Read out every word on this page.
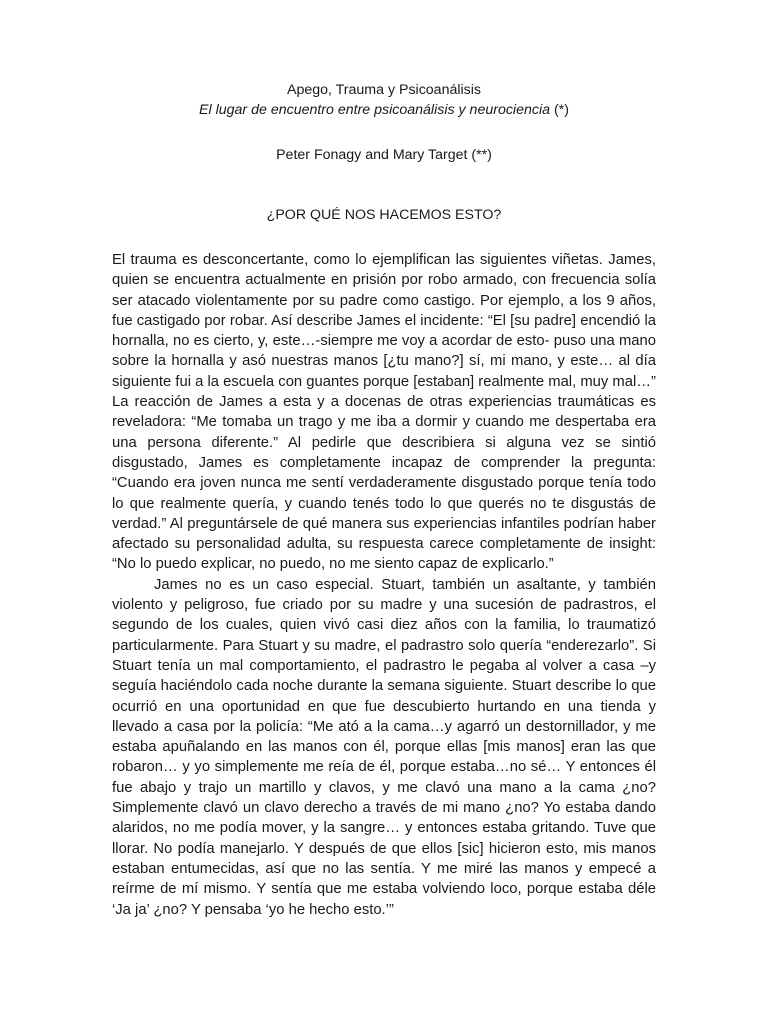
Apego, Trauma y Psicoanálisis

El lugar de encuentro entre psicoanálisis y neurociencia (*)

Peter Fonagy and Mary Target (**)

¿POR QUÉ NOS HACEMOS ESTO?

El trauma es desconcertante, como lo ejemplifican las siguientes viñetas. James, quien se encuentra actualmente en prisión por robo armado, con frecuencia solía ser atacado violentamente por su padre como castigo. Por ejemplo, a los 9 años, fue castigado por robar. Así describe James el incidente: “El [su padre] encendió la hornalla, no es cierto, y, este…-siempre me voy a acordar de esto- puso una mano sobre la hornalla y asó nuestras manos [¿tu mano?] sí, mi mano, y este… al día siguiente fui a la escuela con guantes porque [estaban] realmente mal, muy mal…” La reacción de James a esta y a docenas de otras experiencias traumáticas es reveladora: “Me tomaba un trago y me iba a dormir y cuando me despertaba era una persona diferente.” Al pedirle que describiera si alguna vez se sintió disgustado, James es completamente incapaz de comprender la pregunta: “Cuando era joven nunca me sentí verdaderamente disgustado porque tenía todo lo que realmente quería, y cuando tenés todo lo que querés no te disgustás de verdad.” Al preguntársele de qué manera sus experiencias infantiles podrían haber afectado su personalidad adulta, su respuesta carece completamente de insight: “No lo puedo explicar, no puedo, no me siento capaz de explicarlo.”

James no es un caso especial. Stuart, también un asaltante, y también violento y peligroso, fue criado por su madre y una sucesión de padrastros, el segundo de los cuales, quien vivó casi diez años con la familia, lo traumatizó particularmente. Para Stuart y su madre, el padrastro solo quería “enderezarlo”. Si Stuart tenía un mal comportamiento, el padrastro le pegaba al volver a casa –y seguía haciéndolo cada noche durante la semana siguiente. Stuart describe lo que ocurrió en una oportunidad en que fue descubierto hurtando en una tienda y llevado a casa por la policía: “Me ató a la cama…y agarró un destornillador, y me estaba apuñalando en las manos con él, porque ellas [mis manos] eran las que robaron… y yo simplemente me reía de él, porque estaba…no sé… Y entonces él fue abajo y trajo un martillo y clavos, y me clavó una mano a la cama ¿no? Simplemente clavó un clavo derecho a través de mi mano ¿no? Yo estaba dando alaridos, no me podía mover, y la sangre… y entonces estaba gritando. Tuve que llorar. No podía manejarlo. Y después de que ellos [sic] hicieron esto, mis manos estaban entumecidas, así que no las sentía. Y me miré las manos y empecé a reírme de mí mismo. Y sentía que me estaba volviendo loco, porque estaba déle ‘Ja ja’ ¿no? Y pensaba ‘yo he hecho esto.’”
